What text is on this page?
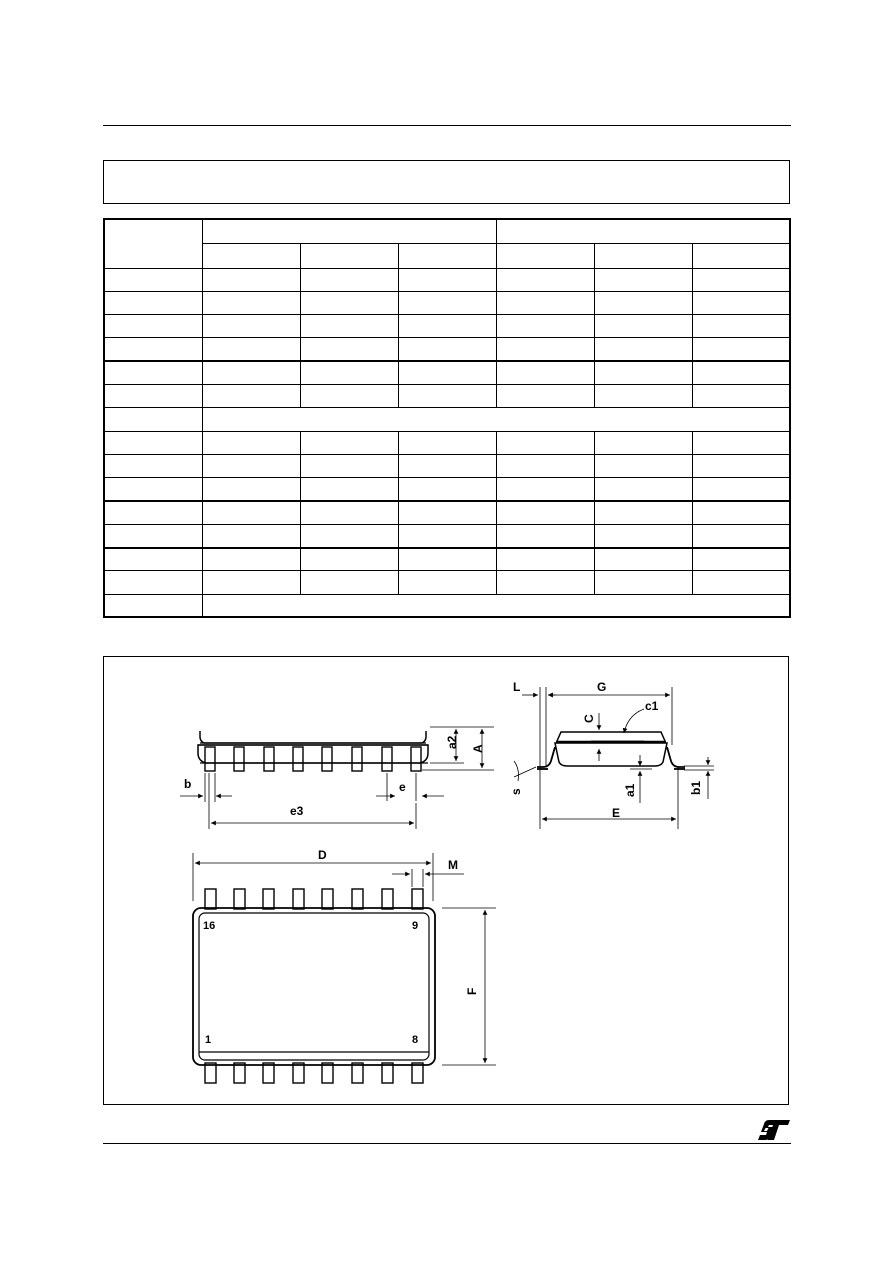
a2 A
b	e
e3
L	G
C
c1
s	a1	b1
E
D
M
F
16	9
1	8
